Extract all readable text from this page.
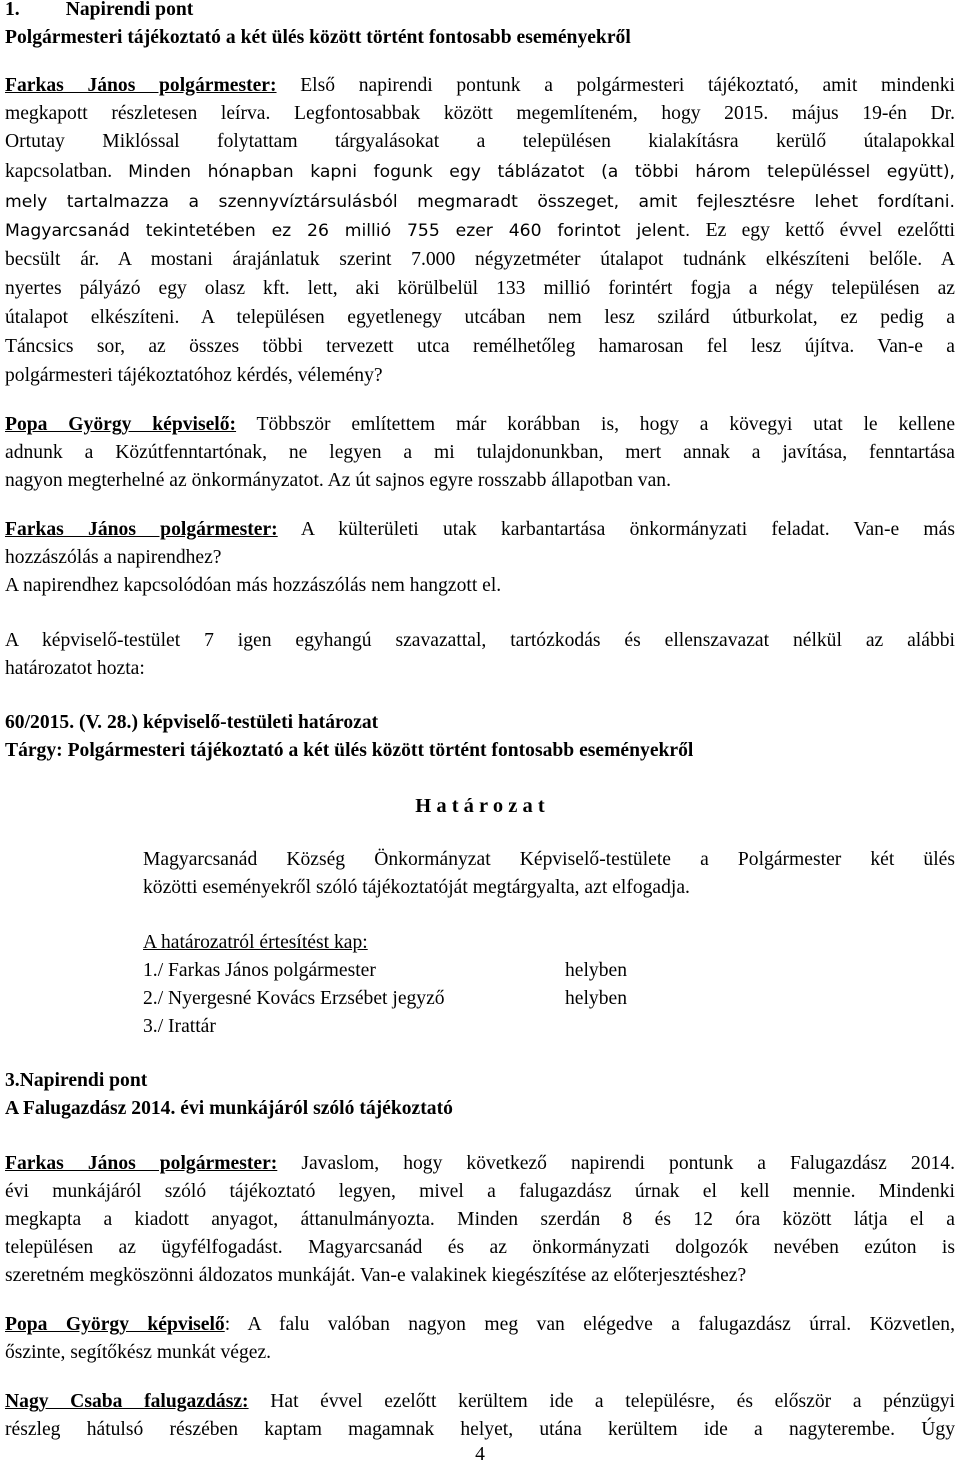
1. Napirendi pont
Polgármesteri tájékoztató a két ülés között történt fontosabb eseményekről
Farkas János polgármester: Első napirendi pontunk a polgármesteri tájékoztató, amit mindenki
megkapott részletesen leírva. Legfontosabbak között megemlíteném, hogy 2015. május 19-én Dr.
Ortutay Miklóssal folytattam tárgyalásokat a településen kialakításra kerülő útalapokkal
kapcsolatban. Minden hónapban kapni fogunk egy táblázatot (a többi három településsel együtt),
mely tartalmazza a szennyvíztársulásból megmaradt összeget, amit fejlesztésre lehet fordítani.
Magyarcsanád tekintetében ez 26 millió 755 ezer 460 forintot jelent. Ez egy kettő évvel ezelőtti
becsült ár. A mostani árajánlatuk szerint 7.000 négyzetméter útalapot tudnánk elkészíteni belőle. A
nyertes pályázó egy olasz kft. lett, aki körülbelül 133 millió forintért fogja a négy településen az
útalapot elkészíteni. A településen egyetlenegy utcában nem lesz szilárd útburkolat, ez pedig a
Táncsics sor, az összes többi tervezett utca remélhetőleg hamarosan fel lesz újítva. Van-e a
polgármesteri tájékoztatóhoz kérdés, vélemény?
Popa György képviselő: Többször említettem már korábban is, hogy a kövegyi utat le kellene
adnunk a Közútfenntartónak, ne legyen a mi tulajdonunkban, mert annak a javítása, fenntartása
nagyon megterhelné az önkormányzatot. Az út sajnos egyre rosszabb állapotban van.
Farkas János polgármester: A külterületi utak karbantartása önkormányzati feladat. Van-e más
hozzászólás a napirendhez?
A napirendhez kapcsolódóan más hozzászólás nem hangzott el.
A képviselő-testület 7 igen egyhangú szavazattal, tartózkodás és ellenszavazat nélkül az alábbi
határozatot hozta:
60/2015. (V. 28.) képviselő-testületi határozat
Tárgy: Polgármesteri tájékoztató a két ülés között történt fontosabb eseményekről
H a t á r o z a t
Magyarcsanád Község Önkormányzat Képviselő-testülete a Polgármester két ülés
közötti eseményekről szóló tájékoztatóját megtárgyalta, azt elfogadja.
A határozatról értesítést kap:
1./ Farkas János polgármester	helyben
2./ Nyergesné Kovács Erzsébet jegyző	helyben
3./ Irattár
3.Napirendi pont
A Falugazdász 2014. évi munkájáról szóló tájékoztató
Farkas János polgármester: Javaslom, hogy következő napirendi pontunk a Falugazdász 2014.
évi munkájáról szóló tájékoztató legyen, mivel a falugazdász úrnak el kell mennie. Mindenki
megkapta a kiadott anyagot, áttanulmányozta. Minden szerdán 8 és 12 óra között látja el a
településen az ügyfélfogadást. Magyarcsanád és az önkormányzati dolgozók nevében ezúton is
szeretném megköszönni áldozatos munkáját. Van-e valakinek kiegészítése az előterjesztéshez?
Popa György képviselő: A falu valóban nagyon meg van elégedve a falugazdász úrral. Közvetlen,
őszinte, segítőkész munkát végez.
Nagy Csaba falugazdász: Hat évvel ezelőtt kerültem ide a településre, és először a pénzügyi
részleg hátulsó részében kaptam magamnak helyet, utána kerültem ide a nagyterembe. Úgy
4
